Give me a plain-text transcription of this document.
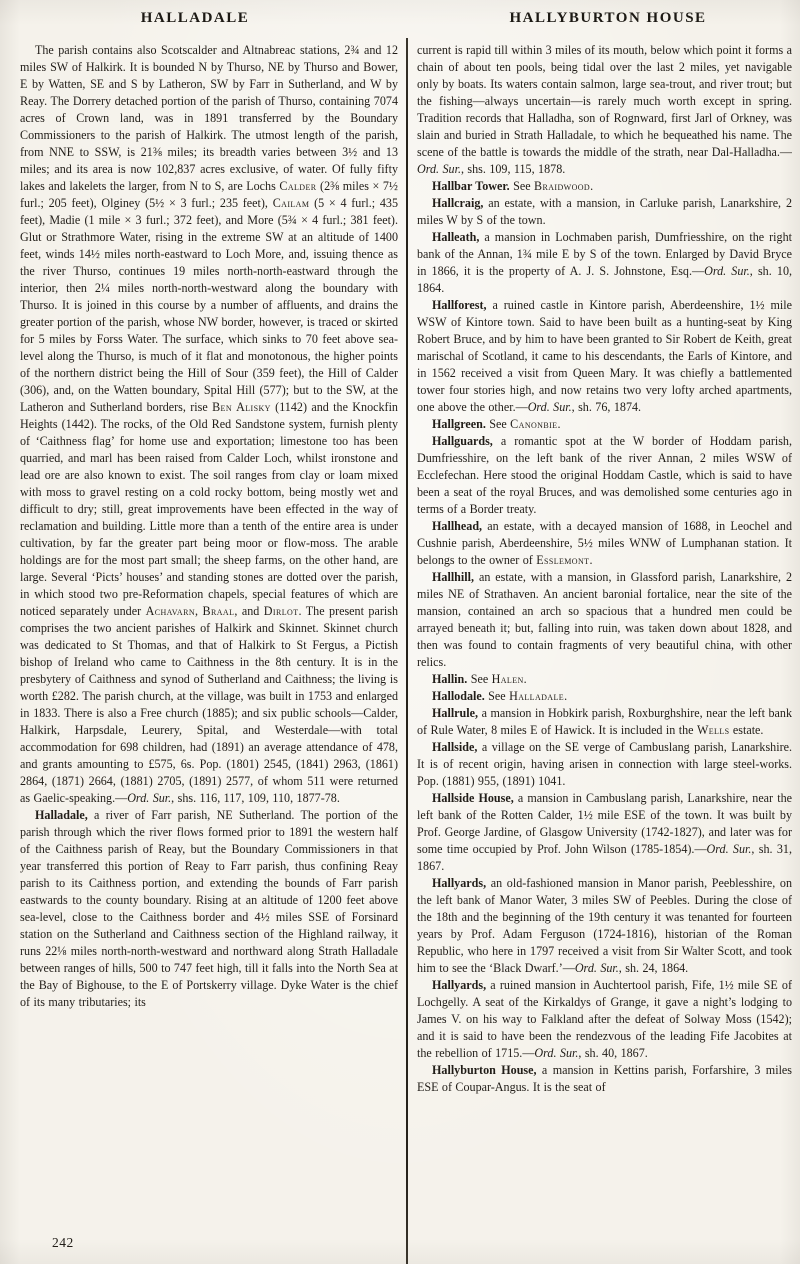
HALLADALE	HALLYBURTON HOUSE

The parish contains also Scotscalder and Altnabreac stations, 2¾ and 12 miles SW of Halkirk. It is bounded N by Thurso, NE by Thurso and Bower, E by Watten, SE and S by Latheron, SW by Farr in Sutherland, and W by Reay. The Dorrery detached portion of the parish of Thurso, containing 7074 acres of Crown land, was in 1891 transferred by the Boundary Commissioners to the parish of Halkirk. The utmost length of the parish, from NNE to SSW, is 21⅜ miles; its breadth varies between 3½ and 13 miles; and its area is now 102,837 acres exclusive, of water. Of fully fifty lakes and lakelets the larger, from N to S, are Lochs Calder (2⅜ miles × 7½ furl.; 205 feet), Olginey (5½ × 3 furl.; 235 feet), Cailam (5 × 4 furl.; 435 feet), Madie (1 mile × 3 furl.; 372 feet), and More (5¾ × 4 furl.; 381 feet). Glut or Strathmore Water, rising in the extreme SW at an altitude of 1400 feet, winds 14½ miles north-eastward to Loch More, and, issuing thence as the river Thurso, continues 19 miles north-north-eastward through the interior, then 2¼ miles north-north-westward along the boundary with Thurso. It is joined in this course by a number of affluents, and drains the greater portion of the parish, whose NW border, however, is traced or skirted for 5 miles by Forss Water. The surface, which sinks to 70 feet above sea-level along the Thurso, is much of it flat and monotonous, the higher points of the northern district being the Hill of Sour (359 feet), the Hill of Calder (306), and, on the Watten boundary, Spital Hill (577); but to the SW, at the Latheron and Sutherland borders, rise Ben Alisky (1142) and the Knockfin Heights (1442). The rocks, of the Old Red Sandstone system, furnish plenty of ‘Caithness flag’ for home use and exportation; limestone too has been quarried, and marl has been raised from Calder Loch, whilst ironstone and lead ore are also known to exist. The soil ranges from clay or loam mixed with moss to gravel resting on a cold rocky bottom, being mostly wet and difficult to dry; still, great improvements have been effected in the way of reclamation and building. Little more than a tenth of the entire area is under cultivation, by far the greater part being moor or flow-moss. The arable holdings are for the most part small; the sheep farms, on the other hand, are large. Several ‘Picts’ houses’ and standing stones are dotted over the parish, in which stood two pre-Reformation chapels, special features of which are noticed separately under Achavarn, Braal, and Dirlot. The present parish comprises the two ancient parishes of Halkirk and Skinnet. Skinnet church was dedicated to St Thomas, and that of Halkirk to St Fergus, a Pictish bishop of Ireland who came to Caithness in the 8th century. It is in the presbytery of Caithness and synod of Sutherland and Caithness; the living is worth £282. The parish church, at the village, was built in 1753 and enlarged in 1833. There is also a Free church (1885); and six public schools—Calder, Halkirk, Harpsdale, Leurery, Spital, and Westerdale—with total accommodation for 698 children, had (1891) an average attendance of 478, and grants amounting to £575, 6s. Pop. (1801) 2545, (1841) 2963, (1861) 2864, (1871) 2664, (1881) 2705, (1891) 2577, of whom 511 were returned as Gaelic-speaking.—Ord. Sur., shs. 116, 117, 109, 110, 1877-78.

Halladale, a river of Farr parish, NE Sutherland. The portion of the parish through which the river flows formed prior to 1891 the western half of the Caithness parish of Reay, but the Boundary Commissioners in that year transferred this portion of Reay to Farr parish, thus confining Reay parish to its Caithness portion, and extending the bounds of Farr parish eastwards to the county boundary. Rising at an altitude of 1200 feet above sea-level, close to the Caithness border and 4½ miles SSE of Forsinard station on the Sutherland and Caithness section of the Highland railway, it runs 22⅛ miles north-north-westward and northward along Strath Halladale between ranges of hills, 500 to 747 feet high, till it falls into the North Sea at the Bay of Bighouse, to the E of Portskerry village. Dyke Water is the chief of its many tributaries; its

current is rapid till within 3 miles of its mouth, below which point it forms a chain of about ten pools, being tidal over the last 2 miles, yet navigable only by boats. Its waters contain salmon, large sea-trout, and river trout; but the fishing—always uncertain—is rarely much worth except in spring. Tradition records that Halladha, son of Rognward, first Jarl of Orkney, was slain and buried in Strath Halladale, to which he bequeathed his name. The scene of the battle is towards the middle of the strath, near Dal-Halladha.—Ord. Sur., shs. 109, 115, 1878.

Hallbar Tower. See Braidwood.

Hallcraig, an estate, with a mansion, in Carluke parish, Lanarkshire, 2 miles W by S of the town.

Halleath, a mansion in Lochmaben parish, Dumfriesshire, on the right bank of the Annan, 1¾ mile E by S of the town. Enlarged by David Bryce in 1866, it is the property of A. J. S. Johnstone, Esq.—Ord. Sur., sh. 10, 1864.

Hallforest, a ruined castle in Kintore parish, Aberdeenshire, 1½ mile WSW of Kintore town. Said to have been built as a hunting-seat by King Robert Bruce, and by him to have been granted to Sir Robert de Keith, great marischal of Scotland, it came to his descendants, the Earls of Kintore, and in 1562 received a visit from Queen Mary. It was chiefly a battlemented tower four stories high, and now retains two very lofty arched apartments, one above the other.—Ord. Sur., sh. 76, 1874.

Hallgreen. See Canonbie.

Hallguards, a romantic spot at the W border of Hoddam parish, Dumfriesshire, on the left bank of the river Annan, 2 miles WSW of Ecclefechan. Here stood the original Hoddam Castle, which is said to have been a seat of the royal Bruces, and was demolished some centuries ago in terms of a Border treaty.

Hallhead, an estate, with a decayed mansion of 1688, in Leochel and Cushnie parish, Aberdeenshire, 5½ miles WNW of Lumphanan station. It belongs to the owner of Esslemont.

Hallhill, an estate, with a mansion, in Glassford parish, Lanarkshire, 2 miles NE of Strathaven. An ancient baronial fortalice, near the site of the mansion, contained an arch so spacious that a hundred men could be arrayed beneath it; but, falling into ruin, was taken down about 1828, and then was found to contain fragments of very beautiful china, with other relics.

Hallin. See Halen.

Hallodale. See Halladale.

Hallrule, a mansion in Hobkirk parish, Roxburghshire, near the left bank of Rule Water, 8 miles E of Hawick. It is included in the Wells estate.

Hallside, a village on the SE verge of Cambuslang parish, Lanarkshire. It is of recent origin, having arisen in connection with large steel-works. Pop. (1881) 955, (1891) 1041.

Hallside House, a mansion in Cambuslang parish, Lanarkshire, near the left bank of the Rotten Calder, 1½ mile ESE of the town. It was built by Prof. George Jardine, of Glasgow University (1742-1827), and later was for some time occupied by Prof. John Wilson (1785-1854).—Ord. Sur., sh. 31, 1867.

Hallyards, an old-fashioned mansion in Manor parish, Peeblesshire, on the left bank of Manor Water, 3 miles SW of Peebles. During the close of the 18th and the beginning of the 19th century it was tenanted for fourteen years by Prof. Adam Ferguson (1724-1816), historian of the Roman Republic, who here in 1797 received a visit from Sir Walter Scott, and took him to see the ‘Black Dwarf.’—Ord. Sur., sh. 24, 1864.

Hallyards, a ruined mansion in Auchtertool parish, Fife, 1½ mile SE of Lochgelly. A seat of the Kirkaldys of Grange, it gave a night’s lodging to James V. on his way to Falkland after the defeat of Solway Moss (1542); and it is said to have been the rendezvous of the leading Fife Jacobites at the rebellion of 1715.—Ord. Sur., sh. 40, 1867.

Hallyburton House, a mansion in Kettins parish, Forfarshire, 3 miles ESE of Coupar-Angus. It is the seat of

242
